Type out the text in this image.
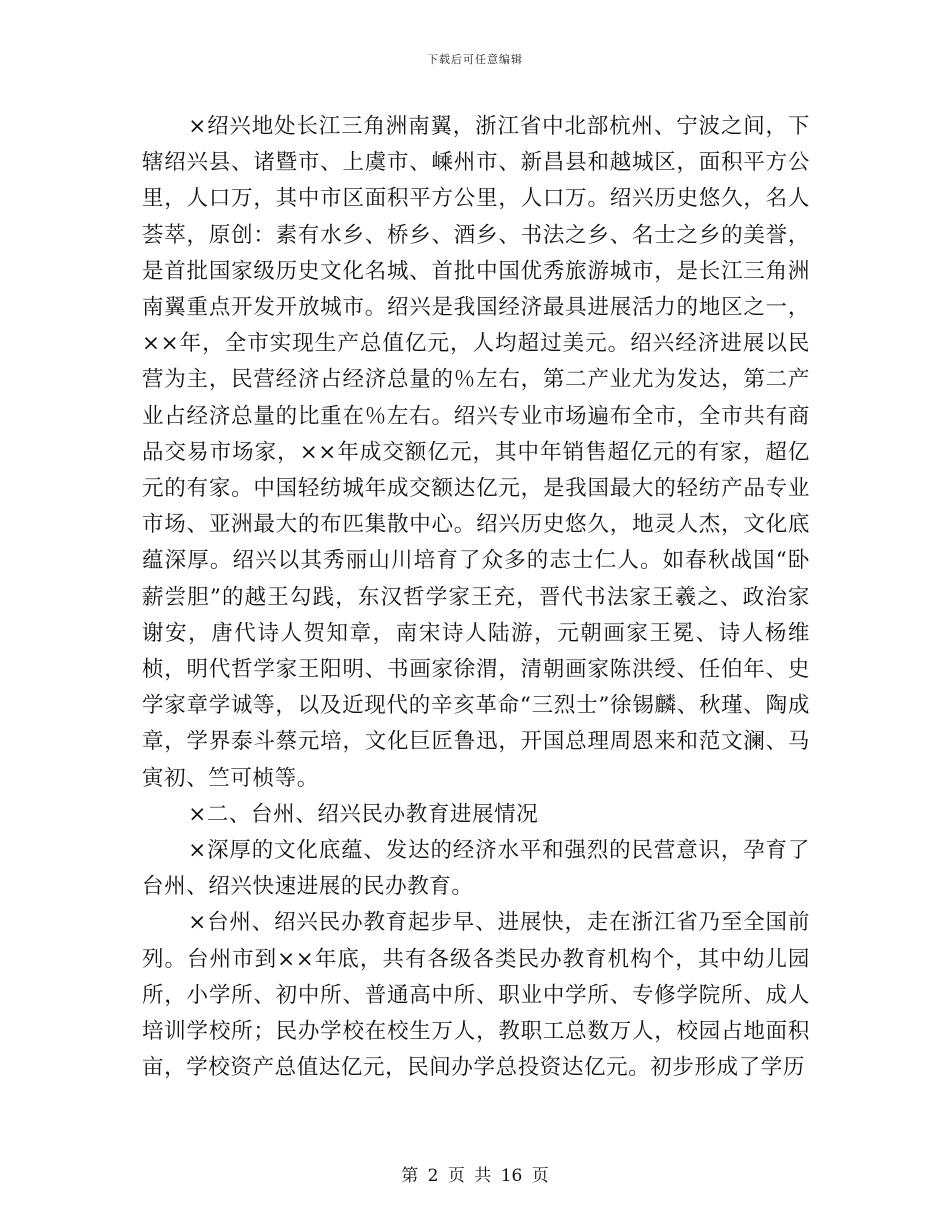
下载后可任意编辑

×绍兴地处长江三角洲南翼，浙江省中北部杭州、宁波之间，下辖绍兴县、诸暨市、上虞市、嵊州市、新昌县和越城区，面积平方公里，人口万，其中市区面积平方公里，人口万。绍兴历史悠久，名人荟萃，原创：素有水乡、桥乡、酒乡、书法之乡、名士之乡的美誉，是首批国家级历史文化名城、首批中国优秀旅游城市，是长江三角洲南翼重点开发开放城市。绍兴是我国经济最具进展活力的地区之一，××年，全市实现生产总值亿元，人均超过美元。绍兴经济进展以民营为主，民营经济占经济总量的％左右，第二产业尤为发达，第二产业占经济总量的比重在％左右。绍兴专业市场遍布全市，全市共有商品交易市场家，××年成交额亿元，其中年销售超亿元的有家，超亿元的有家。中国轻纺城年成交额达亿元，是我国最大的轻纺产品专业市场、亚洲最大的布匹集散中心。绍兴历史悠久，地灵人杰，文化底蕴深厚。绍兴以其秀丽山川培育了众多的志士仁人。如春秋战国“卧薪尝胆”的越王勾践，东汉哲学家王充，晋代书法家王羲之、政治家谢安，唐代诗人贺知章，南宋诗人陆游，元朝画家王冕、诗人杨维桢，明代哲学家王阳明、书画家徐渭，清朝画家陈洪绶、任伯年、史学家章学诚等，以及近现代的辛亥革命“三烈士”徐锡麟、秋瑾、陶成章，学界泰斗蔡元培，文化巨匠鲁迅，开国总理周恩来和范文澜、马寅初、竺可桢等。

×二、台州、绍兴民办教育进展情况

×深厚的文化底蕴、发达的经济水平和强烈的民营意识，孕育了台州、绍兴快速进展的民办教育。

×台州、绍兴民办教育起步早、进展快，走在浙江省乃至全国前列。台州市到××年底，共有各级各类民办教育机构个，其中幼儿园所，小学所、初中所、普通高中所、职业中学所、专修学院所、成人培训学校所；民办学校在校生万人，教职工总数万人，校园占地面积亩，学校资产总值达亿元，民间办学总投资达亿元。初步形成了学历

第 2 页 共 16 页
